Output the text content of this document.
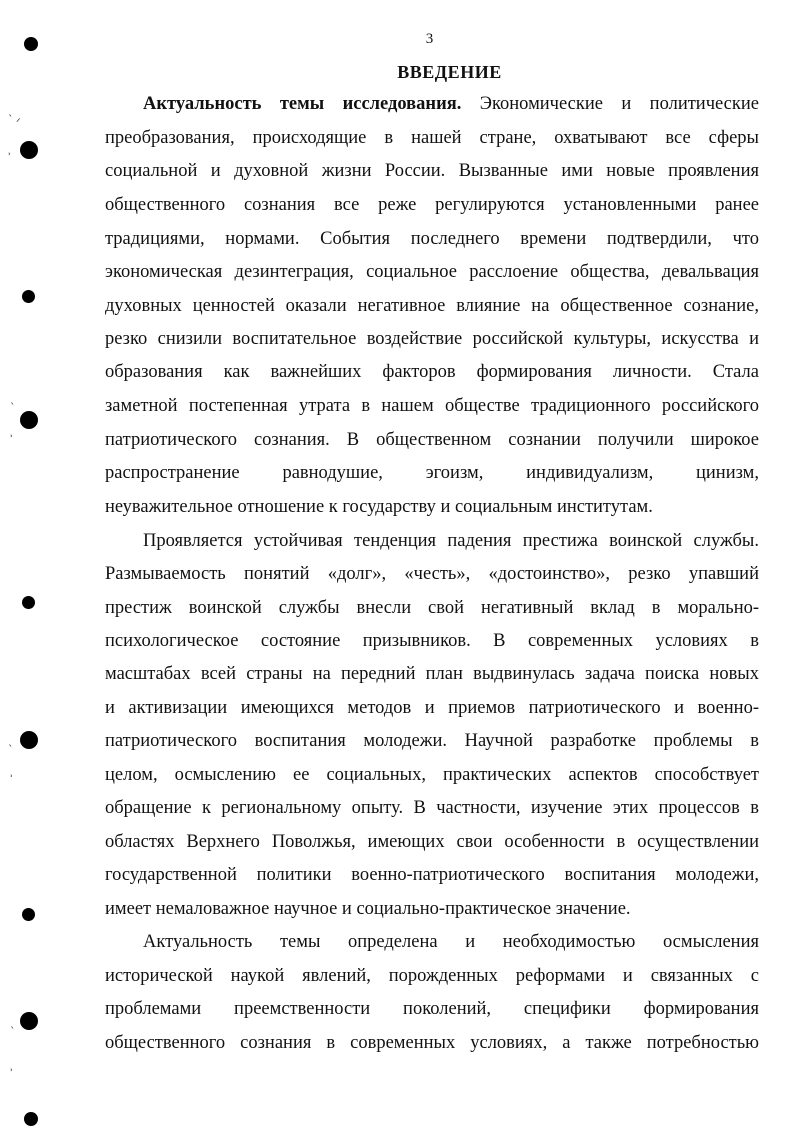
ˎ
ᐟ
˒
ˎ
˒
ˎ
˒
ˎ
˒
3
ВВЕДЕНИЕ
Актуальность темы исследования. Экономические и политические
преобразования, происходящие в нашей стране, охватывают все сферы
социальной и духовной жизни России. Вызванные ими новые проявления
общественного сознания все реже регулируются установленными ранее
традициями, нормами. События последнего времени подтвердили, что
экономическая дезинтеграция, социальное расслоение общества, девальвация
духовных ценностей оказали негативное влияние на общественное сознание,
резко снизили воспитательное воздействие российской культуры, искусства и
образования как важнейших факторов формирования личности. Стала
заметной постепенная утрата в нашем обществе традиционного российского
патриотического сознания. В общественном сознании получили широкое
распространение равнодушие, эгоизм, индивидуализм, цинизм,
неуважительное отношение к государству и социальным институтам.
Проявляется устойчивая тенденция падения престижа воинской службы.
Размываемость понятий «долг», «честь», «достоинство», резко упавший
престиж воинской службы внесли свой негативный вклад в морально-
психологическое состояние призывников. В современных условиях в
масштабах всей страны на передний план выдвинулась задача поиска новых
и активизации имеющихся методов и приемов патриотического и военно-
патриотического воспитания молодежи. Научной разработке проблемы в
целом, осмыслению ее социальных, практических аспектов способствует
обращение к региональному опыту. В частности, изучение этих процессов в
областях Верхнего Поволжья, имеющих свои особенности в осуществлении
государственной политики военно-патриотического воспитания молодежи,
имеет немаловажное научное и социально-практическое значение.
Актуальность темы определена и необходимостью осмысления
исторической наукой явлений, порожденных реформами и связанных с
проблемами преемственности поколений, специфики формирования
общественного сознания в современных условиях, а также потребностью
